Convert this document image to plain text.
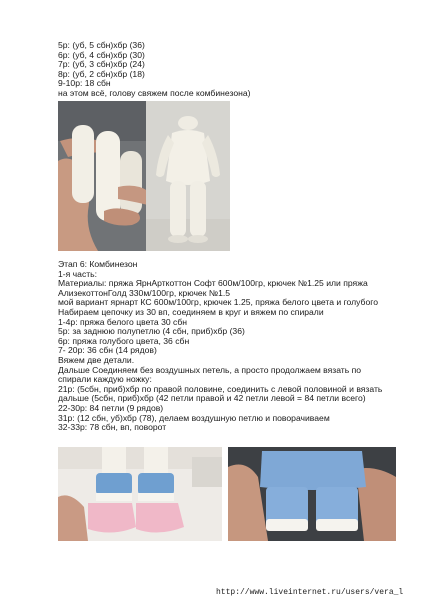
5р: (уб, 5 сбн)хбр (36)
6р: (уб, 4 сбн)хбр (30)
7р: (уб, 3 сбн)хбр (24)
8р: (уб, 2 сбн)хбр (18)
9-10р: 18 сбн
на этом всё, голову свяжем после комбинезона)
Этап 6: Комбинезон
1-я часть:
Материалы: пряжа ЯрнАрткоттон Софт 600м/100гр, крючек №1.25 или пряжа
АлизекоттонГолд 330м/100гр, крючек №1.5
мой вариант ярнарт КС 600м/100гр, крючек 1.25, пряжа белого цвета и голубого
Набираем цепочку из 30 вп, соединяем в круг и вяжем по спирали
1-4р: пряжа белого цвета 30 сбн
5р: за заднюю полупетлю (4 сбн, приб)хбр (36)
6р: пряжа голубого цвета, 36 сбн
7- 20р: 36 сбн (14 рядов)
Вяжем две детали.
Дальше Соединяем без воздушных петель, а просто продолжаем вязать по
спирали каждую ножку:
21р: (5сбн, приб)хбр по правой половине, соединить с левой половиной и вязать
дальше (5сбн, приб)хбр (42 петли правой и 42 петли левой = 84 петли всего)
22-30р: 84 петли (9 рядов)
31р: (12 сбн, уб)хбр (78), делаем воздушную петлю и поворачиваем
32-33р: 78 сбн, вп, поворот
http://www.liveinternet.ru/users/vera_l
